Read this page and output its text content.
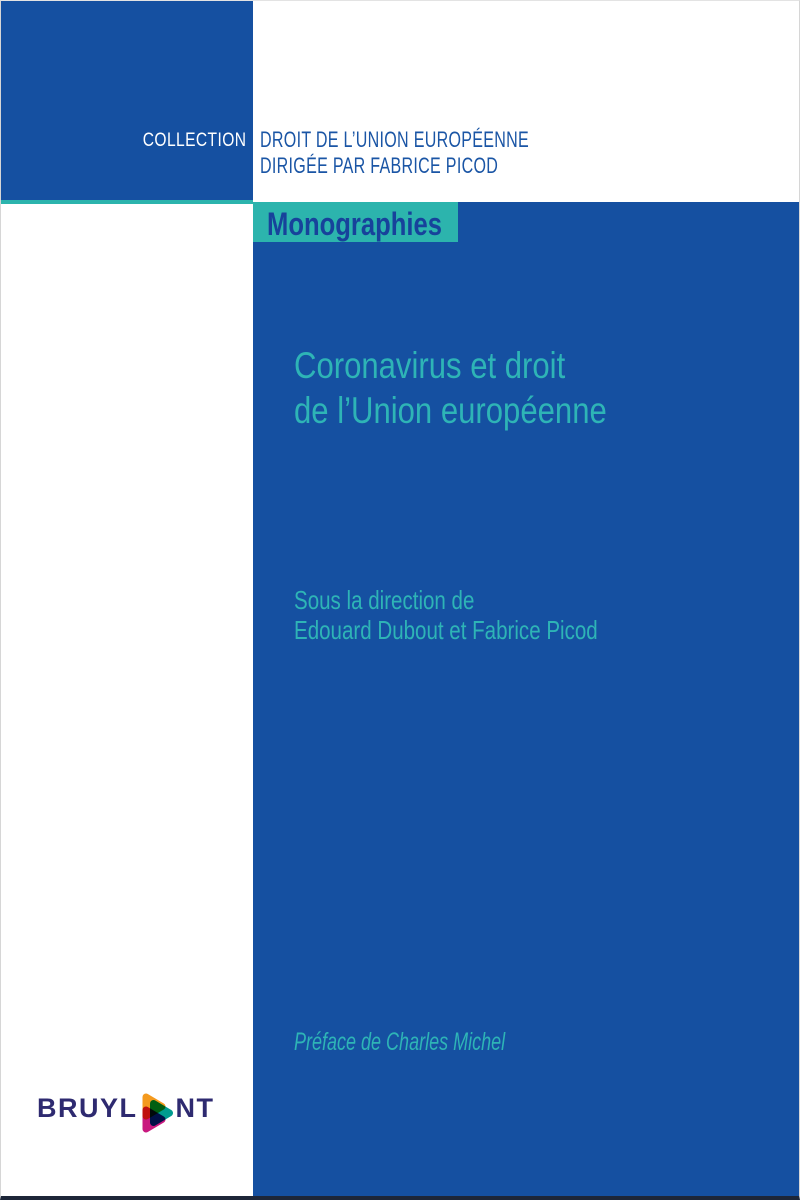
COLLECTION DROIT DE L’UNION EUROPÉENNE
DIRIGÉE PAR FABRICE PICOD
Monographies
Coronavirus et droit
de l’Union européenne
Sous la direction de
Edouard Dubout et Fabrice Picod
Préface de Charles Michel
BRUYL NT
